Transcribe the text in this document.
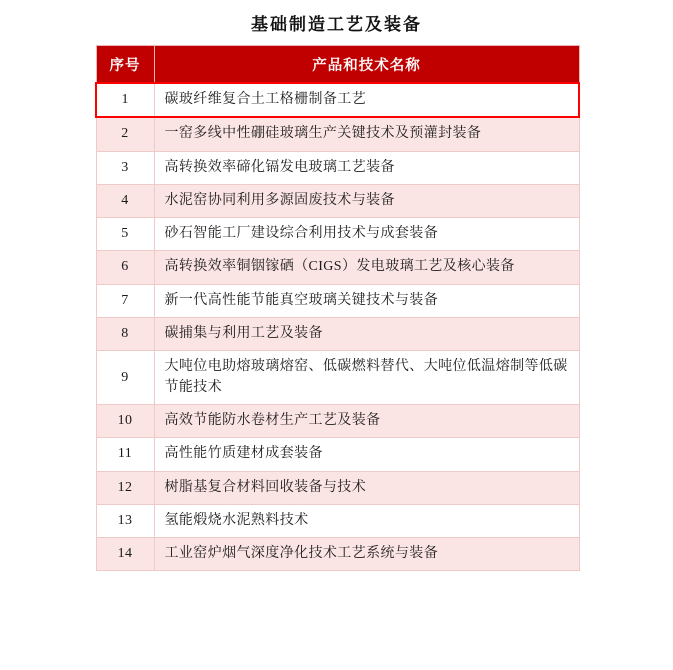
基础制造工艺及装备
序号	产品和技术名称
1	碳玻纤维复合土工格栅制备工艺
2	一窑多线中性硼硅玻璃生产关键技术及预灌封装备
3	高转换效率碲化镉发电玻璃工艺装备
4	水泥窑协同利用多源固废技术与装备
5	砂石智能工厂建设综合利用技术与成套装备
6	高转换效率铜铟镓硒（CIGS）发电玻璃工艺及核心装备
7	新一代高性能节能真空玻璃关键技术与装备
8	碳捕集与利用工艺及装备
9	大吨位电助熔玻璃熔窑、低碳燃料替代、大吨位低温熔制等低碳节能技术
10	高效节能防水卷材生产工艺及装备
11	高性能竹质建材成套装备
12	树脂基复合材料回收装备与技术
13	氢能煅烧水泥熟料技术
14	工业窑炉烟气深度净化技术工艺系统与装备
